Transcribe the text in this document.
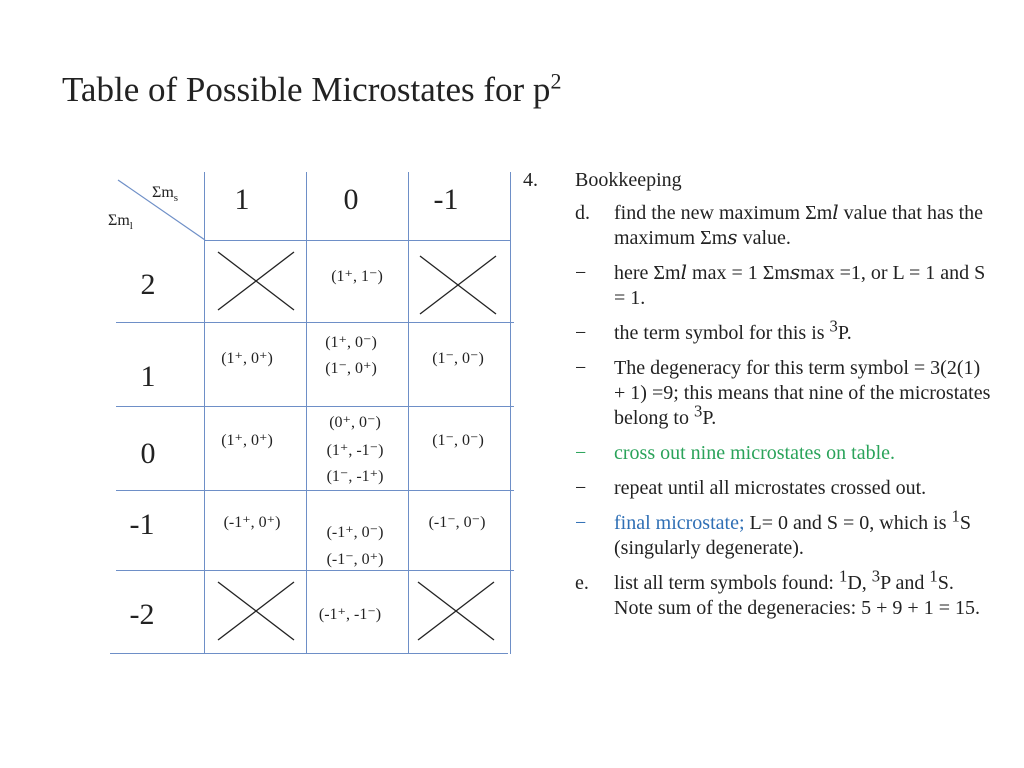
Table of Possible Microstates for $p^2$
$\Sigma m_s$
$\Sigma m_l$
1	0	-1
2
1
0
-1
-2
(1⁺, 1⁻)
(1⁺, 0⁺)
(1⁺, 0⁻)
(1⁻, 0⁺)
(1⁻, 0⁻)
(1⁺, 0⁺)
(0⁺, 0⁻)
(1⁺, -1⁻)
(1⁻, -1⁺)
(1⁻, 0⁻)
(-1⁺, 0⁺)
(-1⁺, 0⁻)
(-1⁻, 0⁺)
(-1⁻, 0⁻)
(-1⁺, -1⁻)
4. Bookkeeping
d. find the new maximum Σm𝑙 value that has the maximum Σm𝑠 value.
− here Σm𝑙 max = 1 Σm𝑠max =1, or L = 1 and S = 1.
− the term symbol for this is $^3$P.
− The degeneracy for this term symbol = 3(2(1) + 1) =9; this means that nine of the microstates belong to $^3$P.
− cross out nine microstates on table.
− repeat until all microstates crossed out.
− final microstate; L= 0 and S = 0, which is $^1$S (singularly degenerate).
e. list all term symbols found: $^1$D, $^3$P and $^1$S. Note sum of the degeneracies: 5 + 9 + 1 = 15.
